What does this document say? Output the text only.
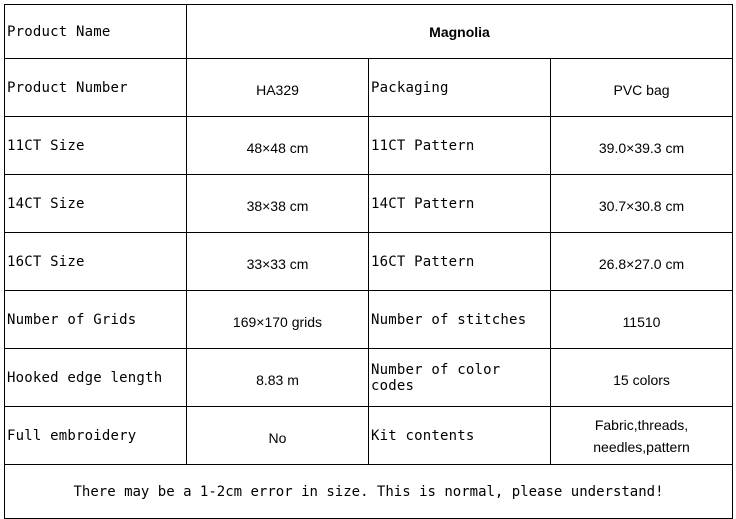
Product Name	Magnolia		
Product Number	HA329	Packaging	PVC bag
11CT Size	48×48 cm	11CT Pattern	39.0×39.3 cm
14CT Size	38×38 cm	14CT Pattern	30.7×30.8 cm
16CT Size	33×33 cm	16CT Pattern	26.8×27.0 cm
Number of Grids	169×170 grids	Number of stitches	11510
Hooked edge length	8.83 m	Number of color codes	15 colors
Full embroidery	No	Kit contents	Fabric,threads,
needles,pattern
There may be a 1-2cm error in size. This is normal, please understand!			
